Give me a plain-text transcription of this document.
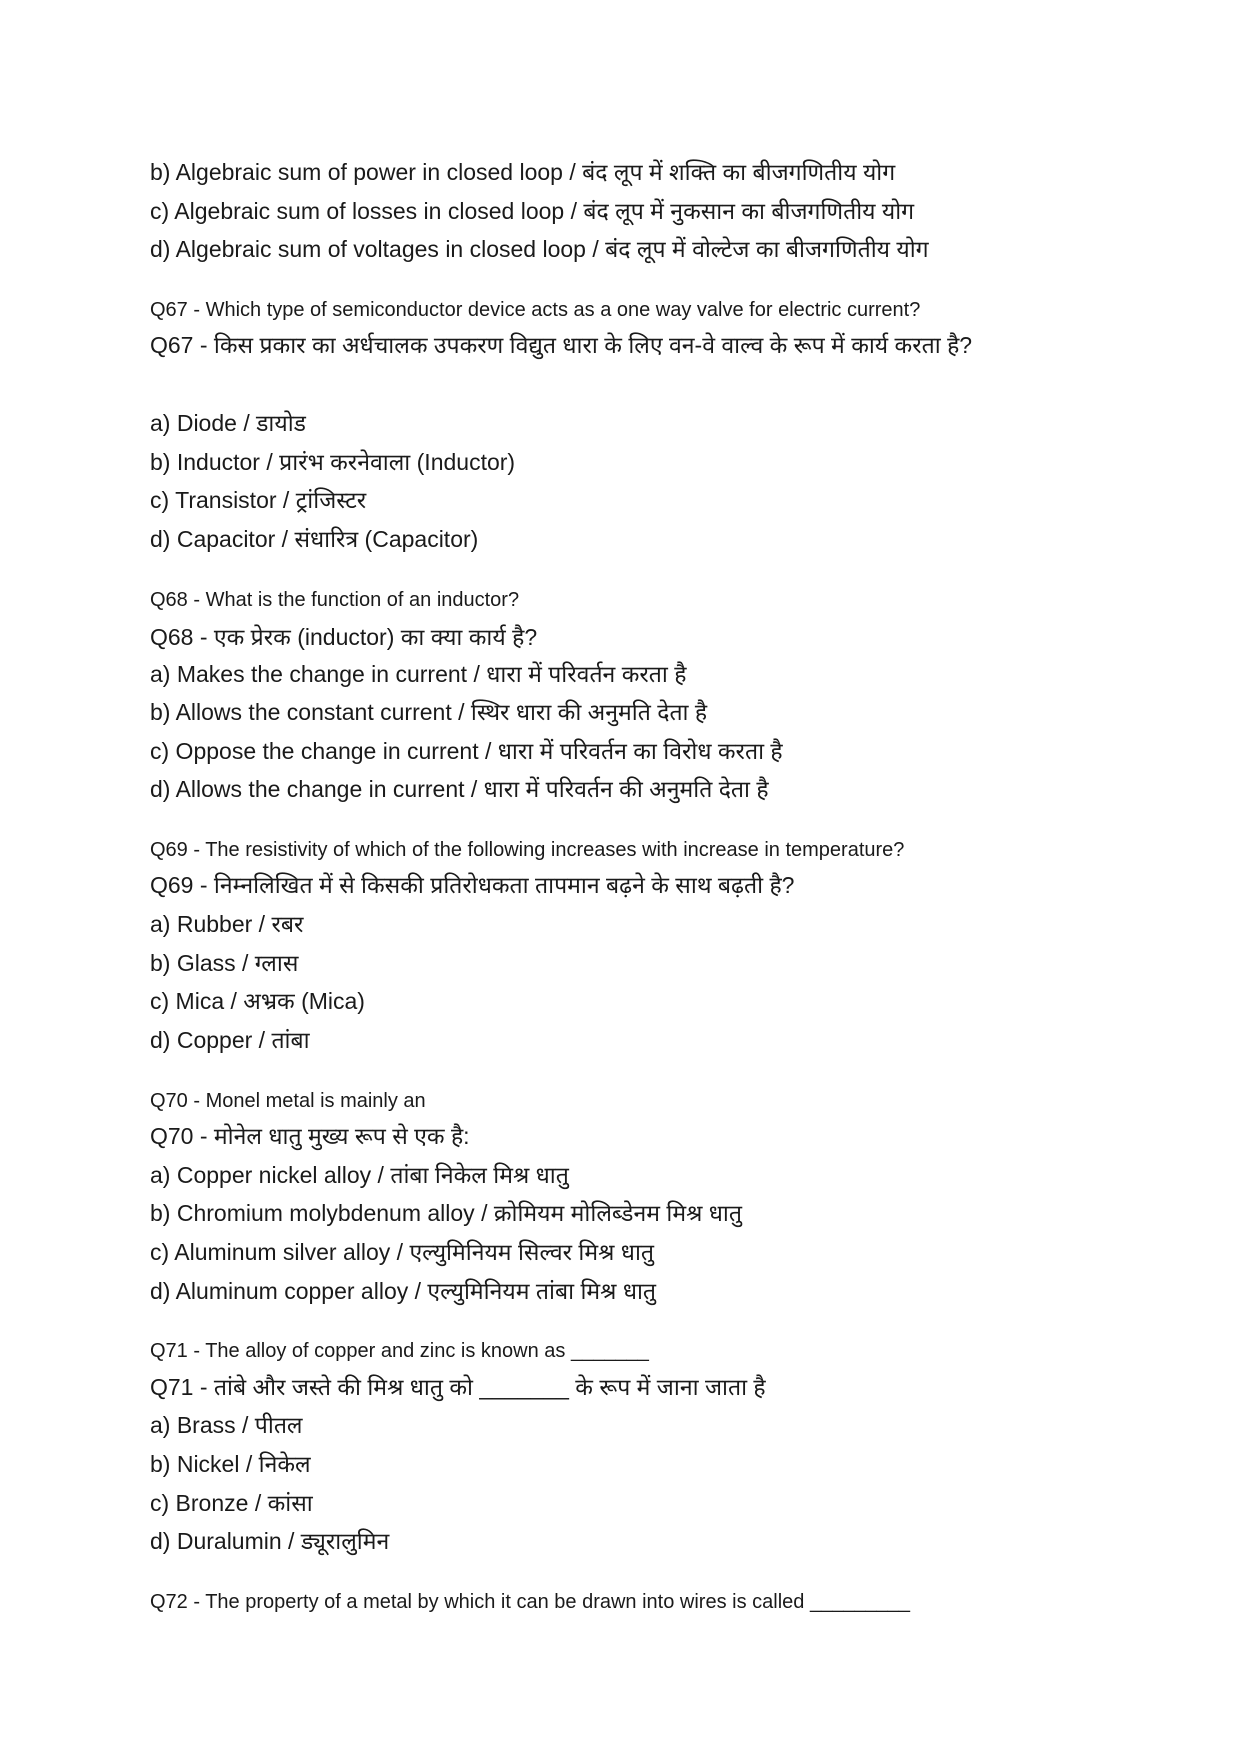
b) Algebraic sum of power in closed loop / बंद लूप में शक्ति का बीजगणितीय योग
c) Algebraic sum of losses in closed loop / बंद लूप में नुकसान का बीजगणितीय योग
d) Algebraic sum of voltages in closed loop / बंद लूप में वोल्टेज का बीजगणितीय योग
Q67 - Which type of semiconductor device acts as a one way valve for electric current?
Q67 - किस प्रकार का अर्धचालक उपकरण विद्युत धारा के लिए वन-वे वाल्व के रूप में कार्य करता है?
a) Diode / डायोड
b) Inductor / प्रारंभ करनेवाला (Inductor)
c) Transistor / ट्रांजिस्टर
d) Capacitor / संधारित्र (Capacitor)
Q68 - What is the function of an inductor?
Q68 - एक प्रेरक (inductor) का क्या कार्य है?
a) Makes the change in current / धारा में परिवर्तन करता है
b) Allows the constant current / स्थिर धारा की अनुमति देता है
c) Oppose the change in current / धारा में परिवर्तन का विरोध करता है
d) Allows the change in current / धारा में परिवर्तन की अनुमति देता है
Q69 - The resistivity of which of the following increases with increase in temperature?
Q69 - निम्नलिखित में से किसकी प्रतिरोधकता तापमान बढ़ने के साथ बढ़ती है?
a) Rubber / रबर
b) Glass / ग्लास
c) Mica / अभ्रक (Mica)
d) Copper / तांबा
Q70 - Monel metal is mainly an
Q70 - मोनेल धातु मुख्य रूप से एक है:
a) Copper nickel alloy / तांबा निकेल मिश्र धातु
b) Chromium molybdenum alloy / क्रोमियम मोलिब्डेनम मिश्र धातु
c) Aluminum silver alloy / एल्युमिनियम सिल्वर मिश्र धातु
d) Aluminum copper alloy / एल्युमिनियम तांबा मिश्र धातु
Q71 - The alloy of copper and zinc is known as _______
Q71 - तांबे और जस्ते की मिश्र धातु को _______ के रूप में जाना जाता है
a) Brass / पीतल
b) Nickel / निकेल
c) Bronze / कांसा
d) Duralumin / ड्यूरालुमिन
Q72 - The property of a metal by which it can be drawn into wires is called _________
